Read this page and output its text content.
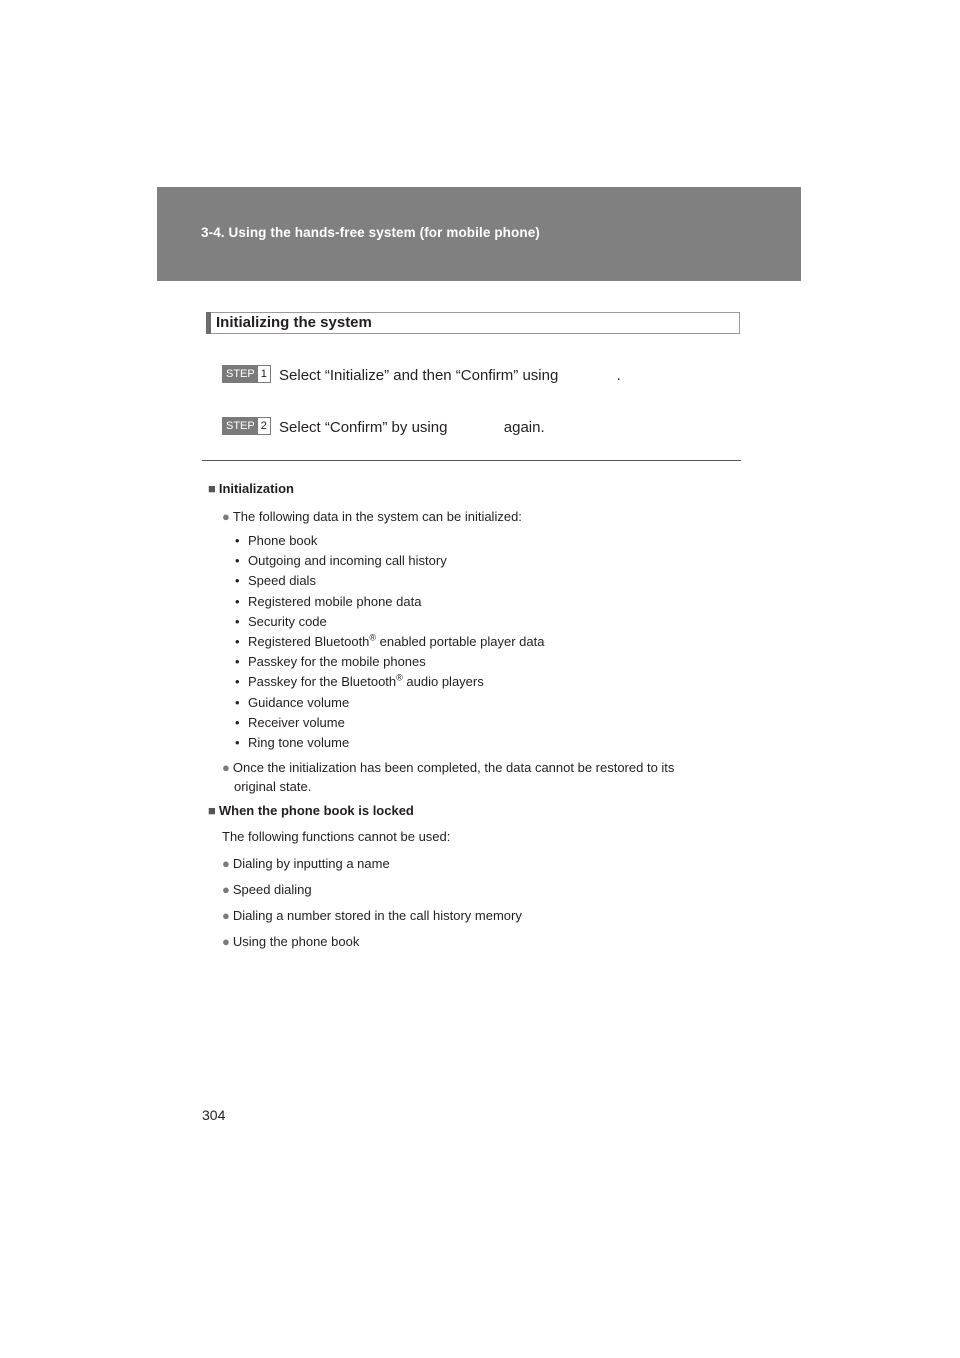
3-4. Using the hands-free system (for mobile phone)
Initializing the system
STEP 1 Select “Initialize” and then “Confirm” using	.
STEP 2 Select “Confirm” by using	again.
■ Initialization
● The following data in the system can be initialized:
• Phone book
• Outgoing and incoming call history
• Speed dials
• Registered mobile phone data
• Security code
• Registered Bluetooth® enabled portable player data
• Passkey for the mobile phones
• Passkey for the Bluetooth® audio players
• Guidance volume
• Receiver volume
• Ring tone volume
● Once the initialization has been completed, the data cannot be restored to its
original state.
■ When the phone book is locked
The following functions cannot be used:
● Dialing by inputting a name
● Speed dialing
● Dialing a number stored in the call history memory
● Using the phone book
304
